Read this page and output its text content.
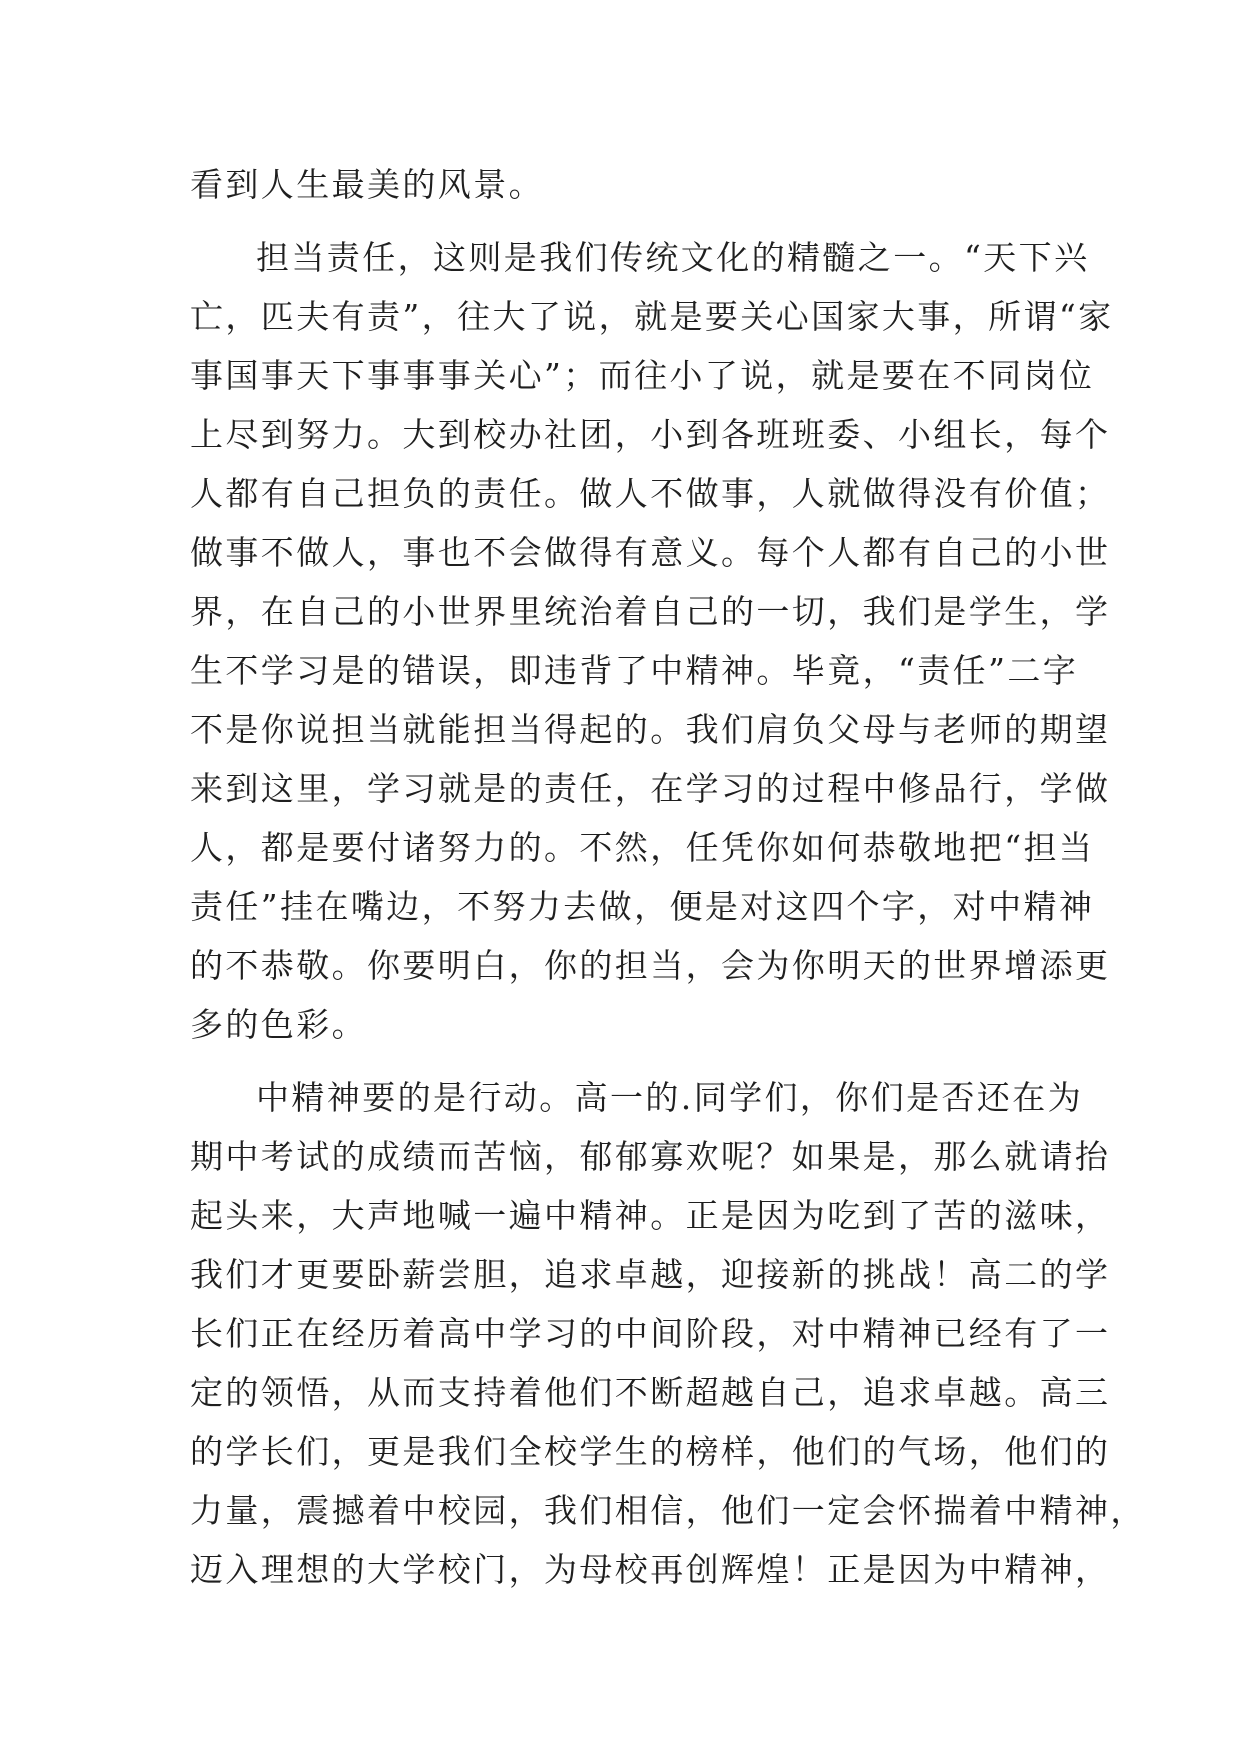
看到人生最美的风景。
担当责任，这则是我们传统文化的精髓之一。“天下兴
亡，匹夫有责”，往大了说，就是要关心国家大事，所谓“家
事国事天下事事事关心”；而往小了说，就是要在不同岗位
上尽到努力。大到校办社团，小到各班班委、小组长，每个
人都有自己担负的责任。做人不做事，人就做得没有价值；
做事不做人，事也不会做得有意义。每个人都有自己的小世
界，在自己的小世界里统治着自己的一切，我们是学生，学
生不学习是的错误，即违背了中精神。毕竟，“责任”二字
不是你说担当就能担当得起的。我们肩负父母与老师的期望
来到这里，学习就是的责任，在学习的过程中修品行，学做
人，都是要付诸努力的。不然，任凭你如何恭敬地把“担当
责任”挂在嘴边，不努力去做，便是对这四个字，对中精神
的不恭敬。你要明白，你的担当，会为你明天的世界增添更
多的色彩。
中精神要的是行动。高一的.同学们，你们是否还在为
期中考试的成绩而苦恼，郁郁寡欢呢？如果是，那么就请抬
起头来，大声地喊一遍中精神。正是因为吃到了苦的滋味，
我们才更要卧薪尝胆，追求卓越，迎接新的挑战！高二的学
长们正在经历着高中学习的中间阶段，对中精神已经有了一
定的领悟，从而支持着他们不断超越自己，追求卓越。高三
的学长们，更是我们全校学生的榜样，他们的气场，他们的
力量，震撼着中校园，我们相信，他们一定会怀揣着中精神，
迈入理想的大学校门，为母校再创辉煌！正是因为中精神，
